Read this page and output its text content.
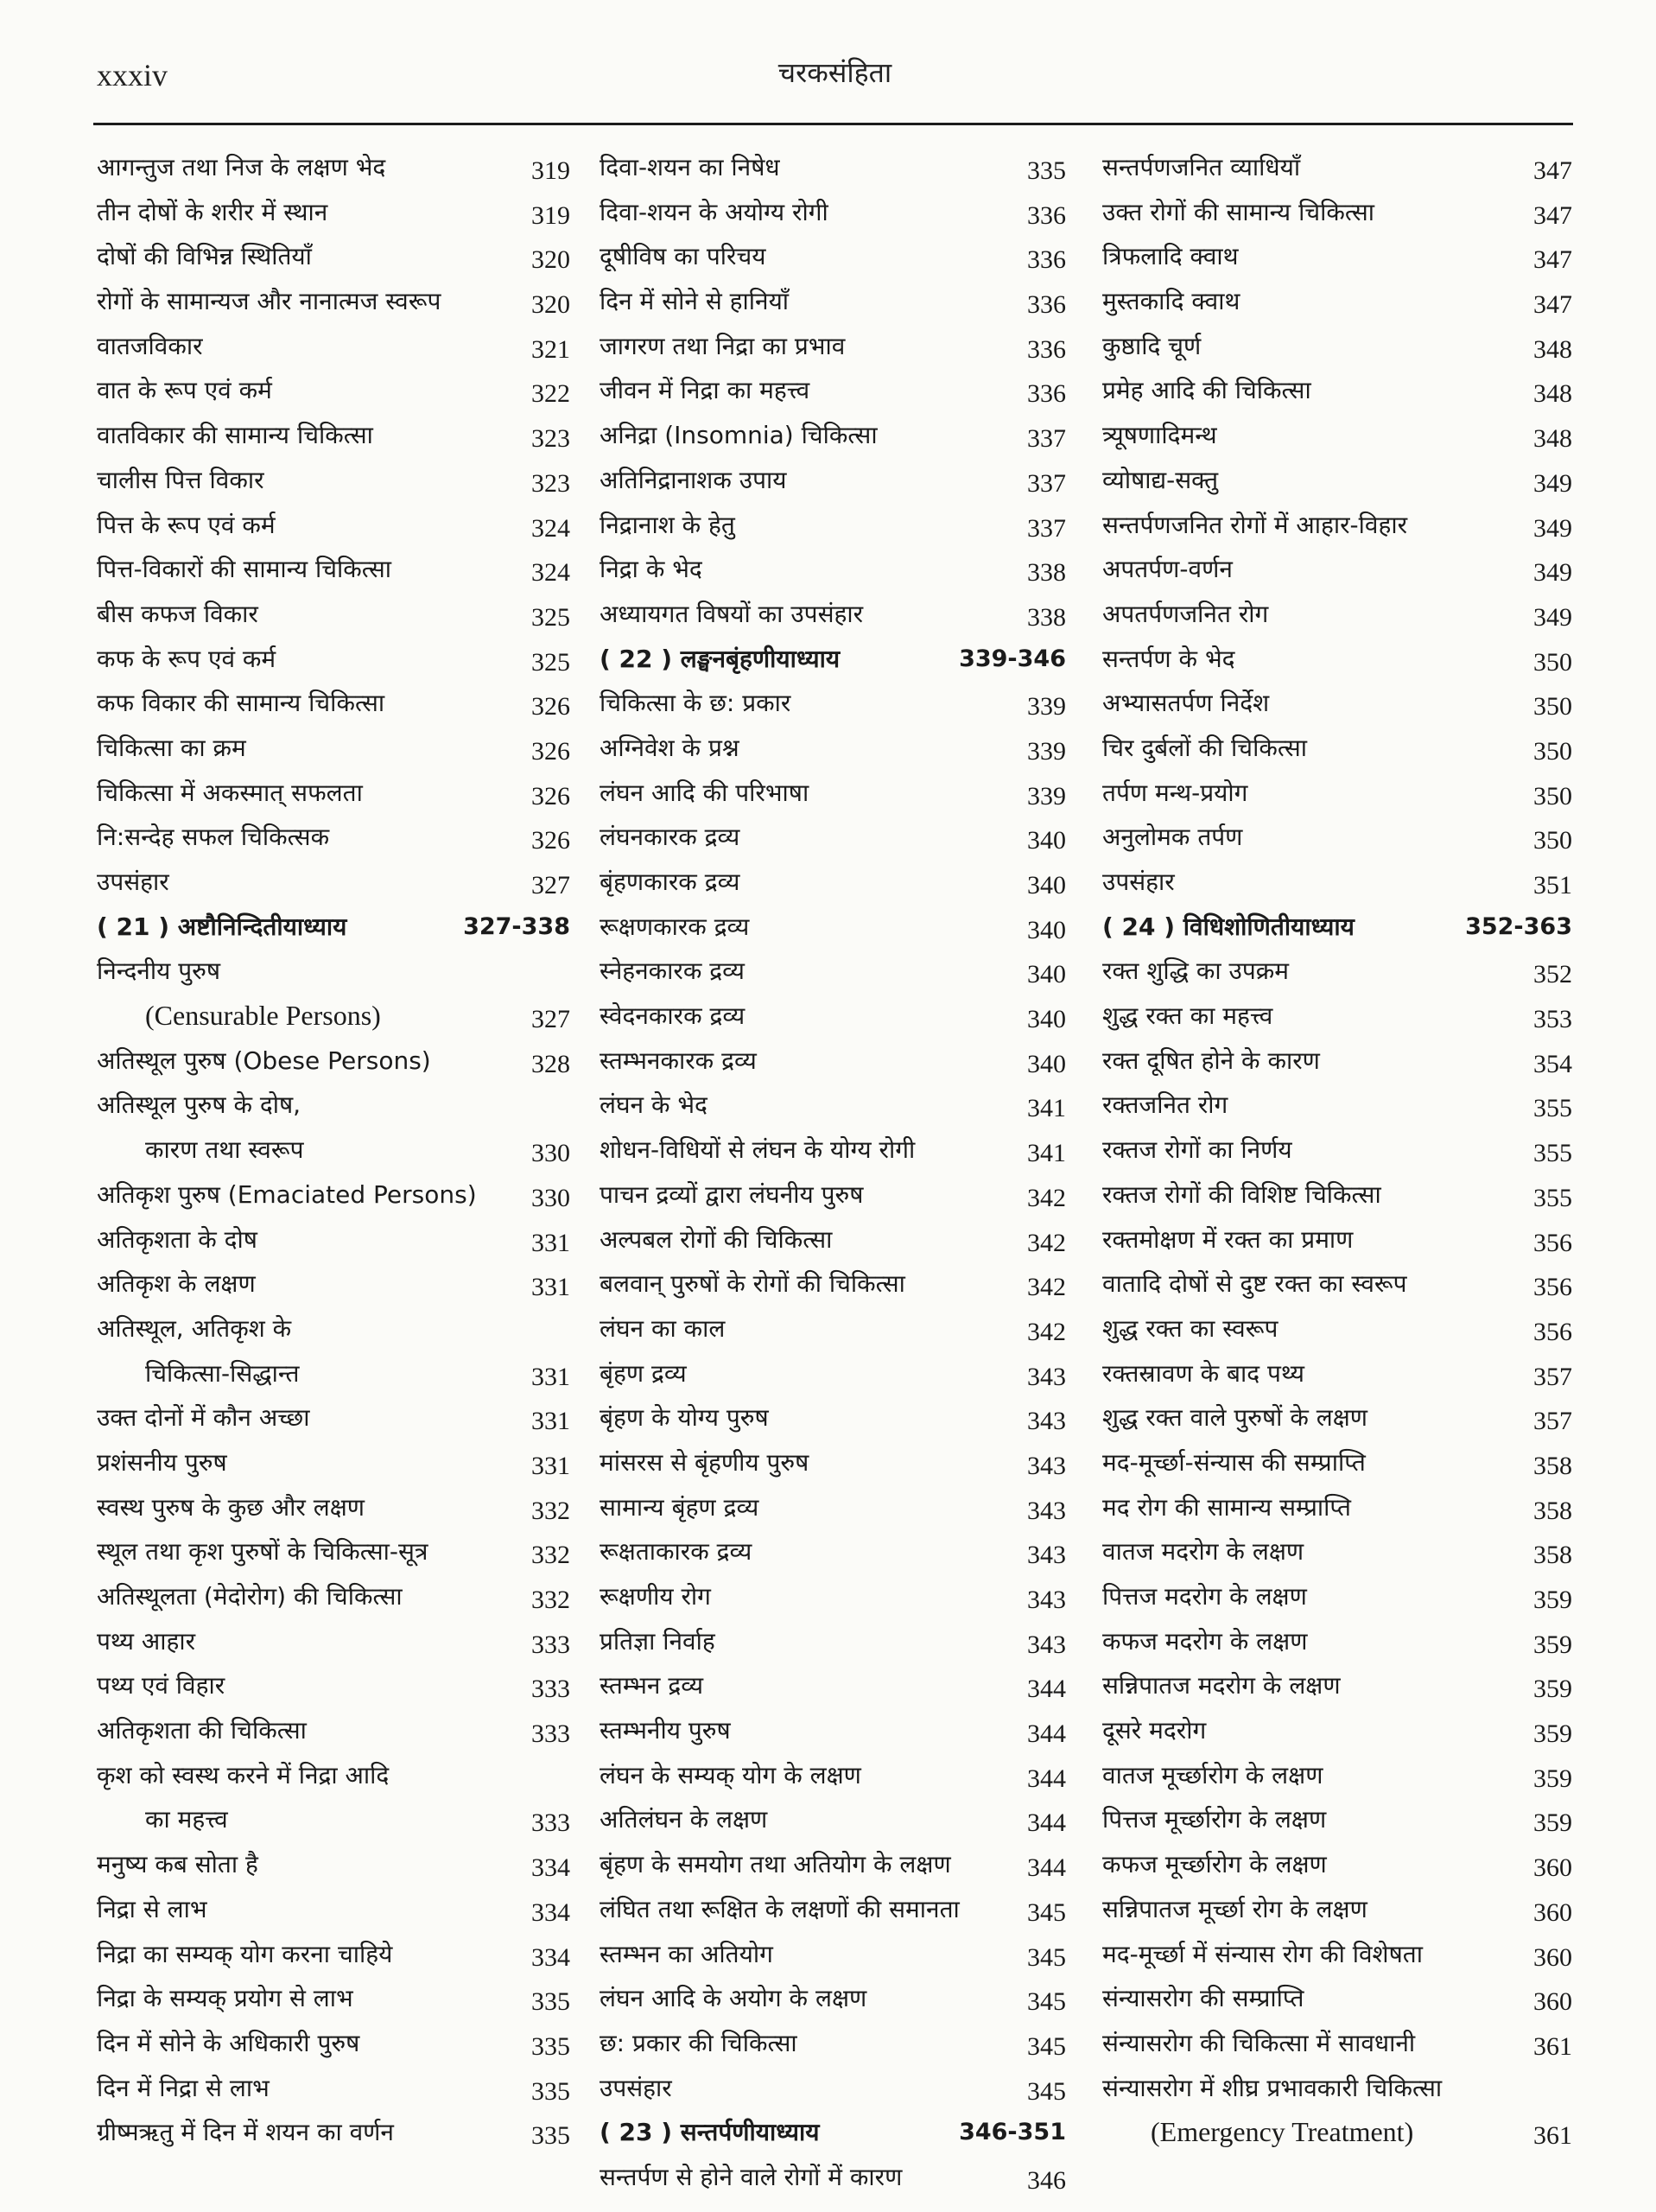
xxxiv	चरकसंहिता
आगन्तुज तथा निज के लक्षण भेद	319
तीन दोषों के शरीर में स्थान	319
दोषों की विभिन्न स्थितियाँ	320
रोगों के सामान्यज और नानात्मज स्वरूप	320
वातजविकार	321
वात के रूप एवं कर्म	322
वातविकार की सामान्य चिकित्सा	323
चालीस पित्त विकार	323
पित्त के रूप एवं कर्म	324
पित्त-विकारों की सामान्य चिकित्सा	324
बीस कफज विकार	325
कफ के रूप एवं कर्म	325
कफ विकार की सामान्य चिकित्सा	326
चिकित्सा का क्रम	326
चिकित्सा में अकस्मात् सफलता	326
नि:सन्देह सफल चिकित्सक	326
उपसंहार	327
( 21 ) अष्टौनिन्दितीयाध्याय	327-338
निन्दनीय पुरुष
(Censurable Persons)	327
अतिस्थूल पुरुष (Obese Persons)	328
अतिस्थूल पुरुष के दोष,
कारण तथा स्वरूप	330
अतिकृश पुरुष (Emaciated Persons) 330
अतिकृशता के दोष	331
अतिकृश के लक्षण	331
अतिस्थूल, अतिकृश के
चिकित्सा-सिद्धान्त	331
उक्त दोनों में कौन अच्छा	331
प्रशंसनीय पुरुष	331
स्वस्थ पुरुष के कुछ और लक्षण	332
स्थूल तथा कृश पुरुषों के चिकित्सा-सूत्र	332
अतिस्थूलता (मेदोरोग) की चिकित्सा	332
पथ्य आहार	333
पथ्य एवं विहार	333
अतिकृशता की चिकित्सा	333
कृश को स्वस्थ करने में निद्रा आदि
का महत्त्व	333
मनुष्य कब सोता है	334
निद्रा से लाभ	334
निद्रा का सम्यक् योग करना चाहिये	334
निद्रा के सम्यक् प्रयोग से लाभ	335
दिन में सोने के अधिकारी पुरुष	335
दिन में निद्रा से लाभ	335
ग्रीष्मऋतु में दिन में शयन का वर्णन	335
दिवा-शयन का निषेध	335
दिवा-शयन के अयोग्य रोगी	336
दूषीविष का परिचय	336
दिन में सोने से हानियाँ	336
जागरण तथा निद्रा का प्रभाव	336
जीवन में निद्रा का महत्त्व	336
अनिद्रा (Insomnia) चिकित्सा	337
अतिनिद्रानाशक उपाय	337
निद्रानाश के हेतु	337
निद्रा के भेद	338
अध्यायगत विषयों का उपसंहार	338
( 22 ) लङ्घनबृंहणीयाध्याय	339-346
चिकित्सा के छ: प्रकार	339
अग्निवेश के प्रश्न	339
लंघन आदि की परिभाषा	339
लंघनकारक द्रव्य	340
बृंहणकारक द्रव्य	340
रूक्षणकारक द्रव्य	340
स्नेहनकारक द्रव्य	340
स्वेदनकारक द्रव्य	340
स्तम्भनकारक द्रव्य	340
लंघन के भेद	341
शोधन-विधियों से लंघन के योग्य रोगी	341
पाचन द्रव्यों द्वारा लंघनीय पुरुष	342
अल्पबल रोगों की चिकित्सा	342
बलवान् पुरुषों के रोगों की चिकित्सा	342
लंघन का काल	342
बृंहण द्रव्य	343
बृंहण के योग्य पुरुष	343
मांसरस से बृंहणीय पुरुष	343
सामान्य बृंहण द्रव्य	343
रूक्षताकारक द्रव्य	343
रूक्षणीय रोग	343
प्रतिज्ञा निर्वाह	343
स्तम्भन द्रव्य	344
स्तम्भनीय पुरुष	344
लंघन के सम्यक् योग के लक्षण	344
अतिलंघन के लक्षण	344
बृंहण के समयोग तथा अतियोग के लक्षण	344
लंघित तथा रूक्षित के लक्षणों की समानता	345
स्तम्भन का अतियोग	345
लंघन आदि के अयोग के लक्षण	345
छ: प्रकार की चिकित्सा	345
उपसंहार	345
( 23 ) सन्तर्पणीयाध्याय	346-351
सन्तर्पण से होने वाले रोगों में कारण	346
सन्तर्पणजनित व्याधियाँ	347
उक्त रोगों की सामान्य चिकित्सा	347
त्रिफलादि क्वाथ	347
मुस्तकादि क्वाथ	347
कुष्ठादि चूर्ण	348
प्रमेह आदि की चिकित्सा	348
त्र्यूषणादिमन्थ	348
व्योषाद्य-सक्तु	349
सन्तर्पणजनित रोगों में आहार-विहार	349
अपतर्पण-वर्णन	349
अपतर्पणजनित रोग	349
सन्तर्पण के भेद	350
अभ्यासतर्पण निर्देश	350
चिर दुर्बलों की चिकित्सा	350
तर्पण मन्थ-प्रयोग	350
अनुलोमक तर्पण	350
उपसंहार	351
( 24 ) विधिशोणितीयाध्याय	352-363
रक्त शुद्धि का उपक्रम	352
शुद्ध रक्त का महत्त्व	353
रक्त दूषित होने के कारण	354
रक्तजनित रोग	355
रक्तज रोगों का निर्णय	355
रक्तज रोगों की विशिष्ट चिकित्सा	355
रक्तमोक्षण में रक्त का प्रमाण	356
वातादि दोषों से दुष्ट रक्त का स्वरूप	356
शुद्ध रक्त का स्वरूप	356
रक्तस्रावण के बाद पथ्य	357
शुद्ध रक्त वाले पुरुषों के लक्षण	357
मद-मूर्च्छा-संन्यास की सम्प्राप्ति	358
मद रोग की सामान्य सम्प्राप्ति	358
वातज मदरोग के लक्षण	358
पित्तज मदरोग के लक्षण	359
कफज मदरोग के लक्षण	359
सन्निपातज मदरोग के लक्षण	359
दूसरे मदरोग	359
वातज मूर्च्छारोग के लक्षण	359
पित्तज मूर्च्छारोग के लक्षण	359
कफज मूर्च्छारोग के लक्षण	360
सन्निपातज मूर्च्छा रोग के लक्षण	360
मद-मूर्च्छा में संन्यास रोग की विशेषता	360
संन्यासरोग की सम्प्राप्ति	360
संन्यासरोग की चिकित्सा में सावधानी	361
संन्यासरोग में शीघ्र प्रभावकारी चिकित्सा
(Emergency Treatment)	361
